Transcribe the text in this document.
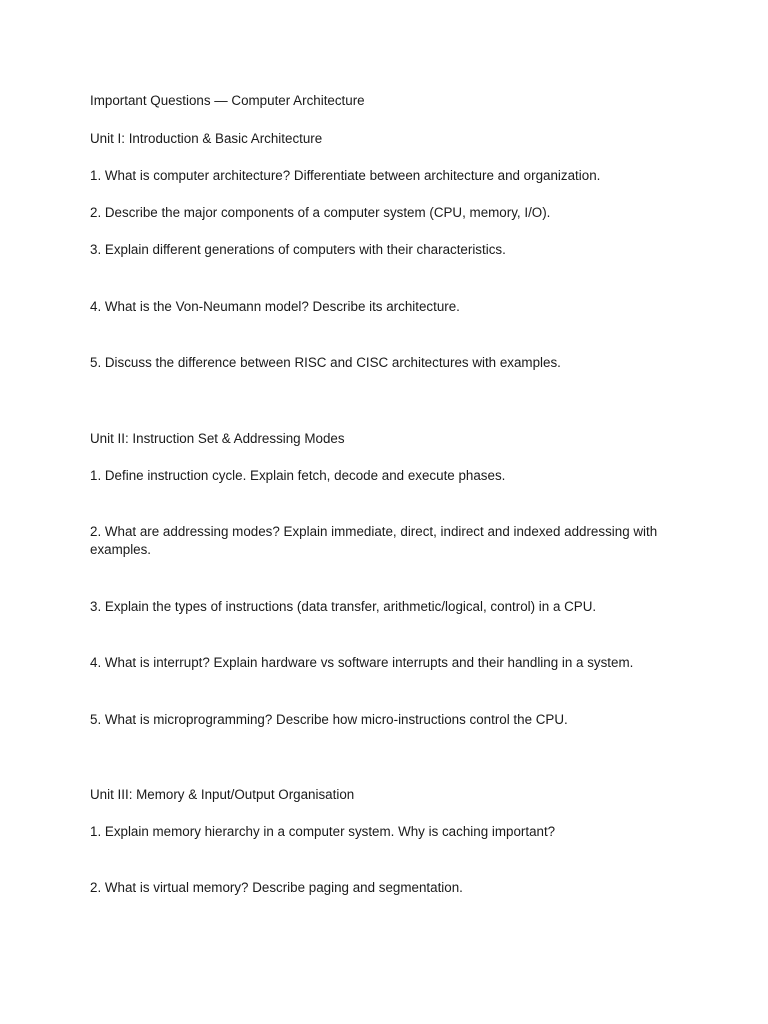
Important Questions — Computer Architecture
Unit I: Introduction & Basic Architecture
1. What is computer architecture? Differentiate between architecture and organization.
2. Describe the major components of a computer system (CPU, memory, I/O).
3. Explain different generations of computers with their characteristics.
4. What is the Von-Neumann model? Describe its architecture.
5. Discuss the difference between RISC and CISC architectures with examples.
Unit II: Instruction Set & Addressing Modes
1. Define instruction cycle. Explain fetch, decode and execute phases.
2. What are addressing modes? Explain immediate, direct, indirect and indexed addressing with examples.
3. Explain the types of instructions (data transfer, arithmetic/logical, control) in a CPU.
4. What is interrupt? Explain hardware vs software interrupts and their handling in a system.
5. What is microprogramming? Describe how micro-instructions control the CPU.
Unit III: Memory & Input/Output Organisation
1. Explain memory hierarchy in a computer system. Why is caching important?
2. What is virtual memory? Describe paging and segmentation.
